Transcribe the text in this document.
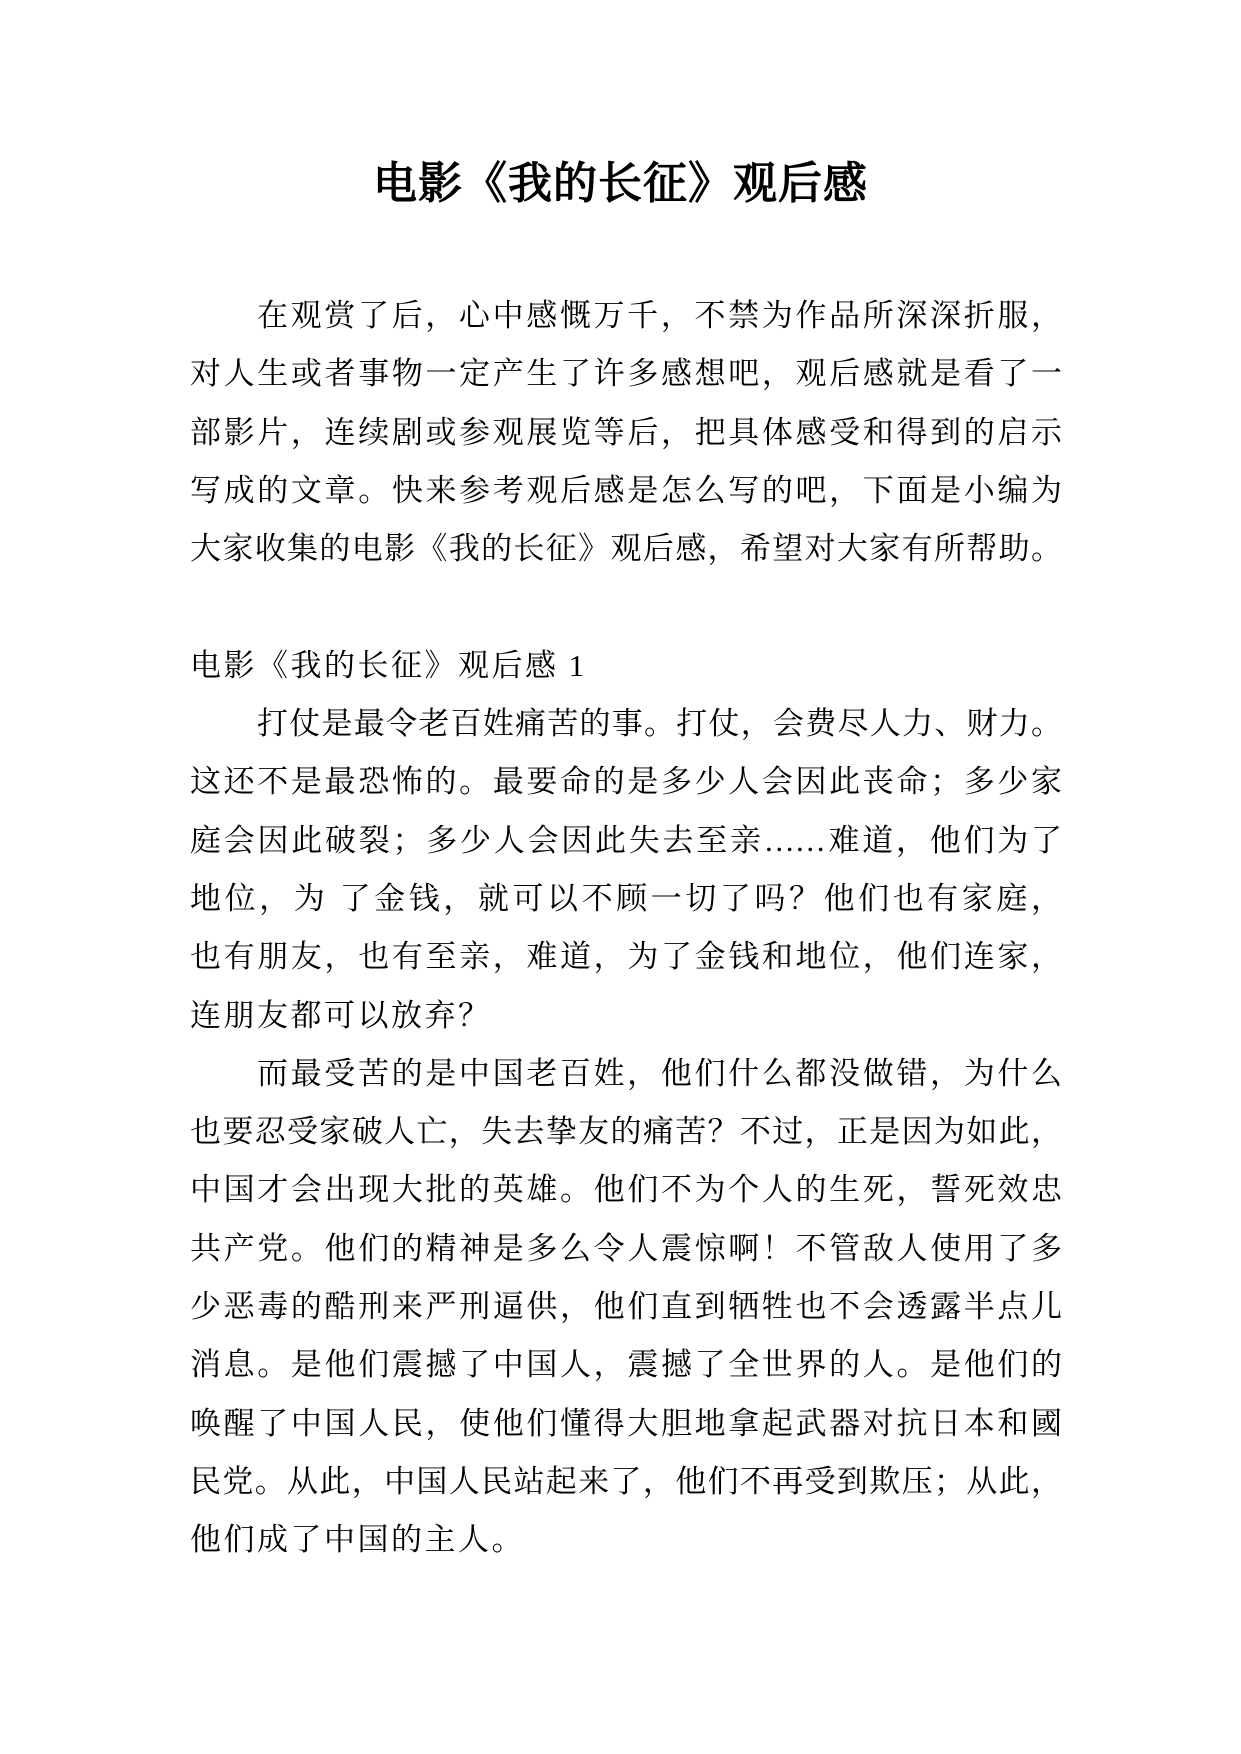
电影《我的长征》观后感
在观赏了后，心中感慨万千，不禁为作品所深深折服，
对人生或者事物一定产生了许多感想吧，观后感就是看了一
部影片，连续剧或参观展览等后，把具体感受和得到的启示
写成的文章。快来参考观后感是怎么写的吧，下面是小编为
大家收集的电影《我的长征》观后感，希望对大家有所帮助。
电影《我的长征》观后感 1
打仗是最令老百姓痛苦的事。打仗，会费尽人力、财力。
这还不是最恐怖的。最要命的是多少人会因此丧命；多少家
庭会因此破裂；多少人会因此失去至亲……难道，他们为了
地位，为 了金钱，就可以不顾一切了吗？他们也有家庭，
也有朋友，也有至亲，难道，为了金钱和地位，他们连家，
连朋友都可以放弃？
而最受苦的是中国老百姓，他们什么都没做错，为什么
也要忍受家破人亡，失去挚友的痛苦？不过，正是因为如此，
中国才会出现大批的英雄。他们不为个人的生死，誓死效忠
共产党。他们的精神是多么令人震惊啊！不管敌人使用了多
少恶毒的酷刑来严刑逼供，他们直到牺牲也不会透露半点儿
消息。是他们震撼了中国人，震撼了全世界的人。是他们的
唤醒了中国人民，使他们懂得大胆地拿起武器对抗日本和國
民党。从此，中国人民站起来了，他们不再受到欺压；从此，
他们成了中国的主人。
